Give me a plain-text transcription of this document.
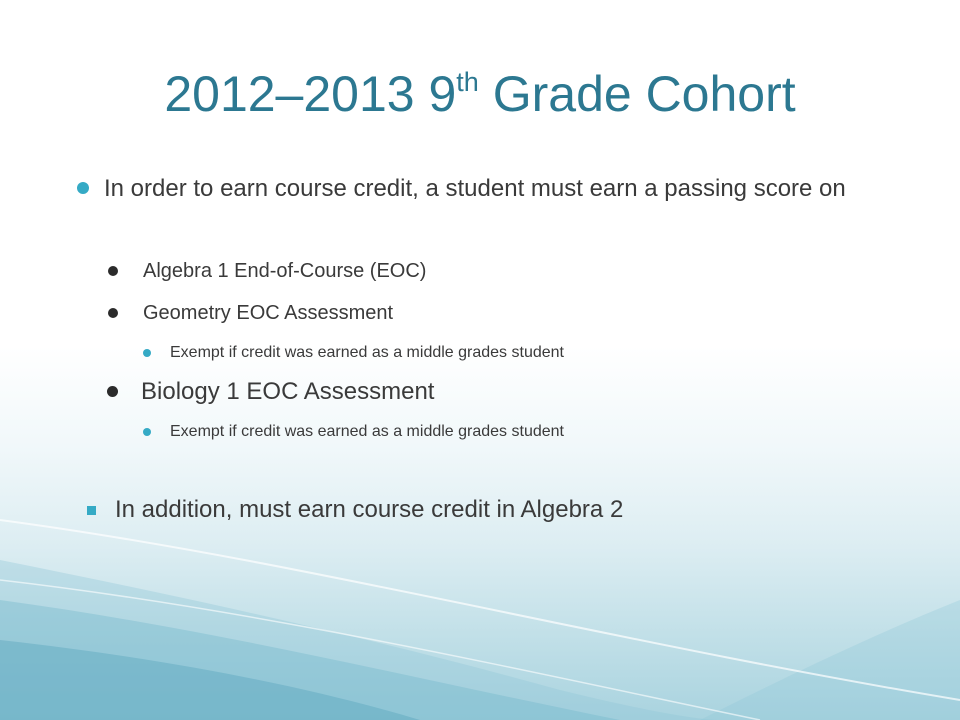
2012–2013 9th Grade Cohort
In order to earn course credit, a student must earn a passing score on
Algebra 1 End-of-Course (EOC)
Geometry EOC Assessment
Exempt if credit was earned as a middle grades student
Biology 1 EOC Assessment
Exempt if credit was earned as a middle grades student
In addition, must earn course credit in Algebra 2
